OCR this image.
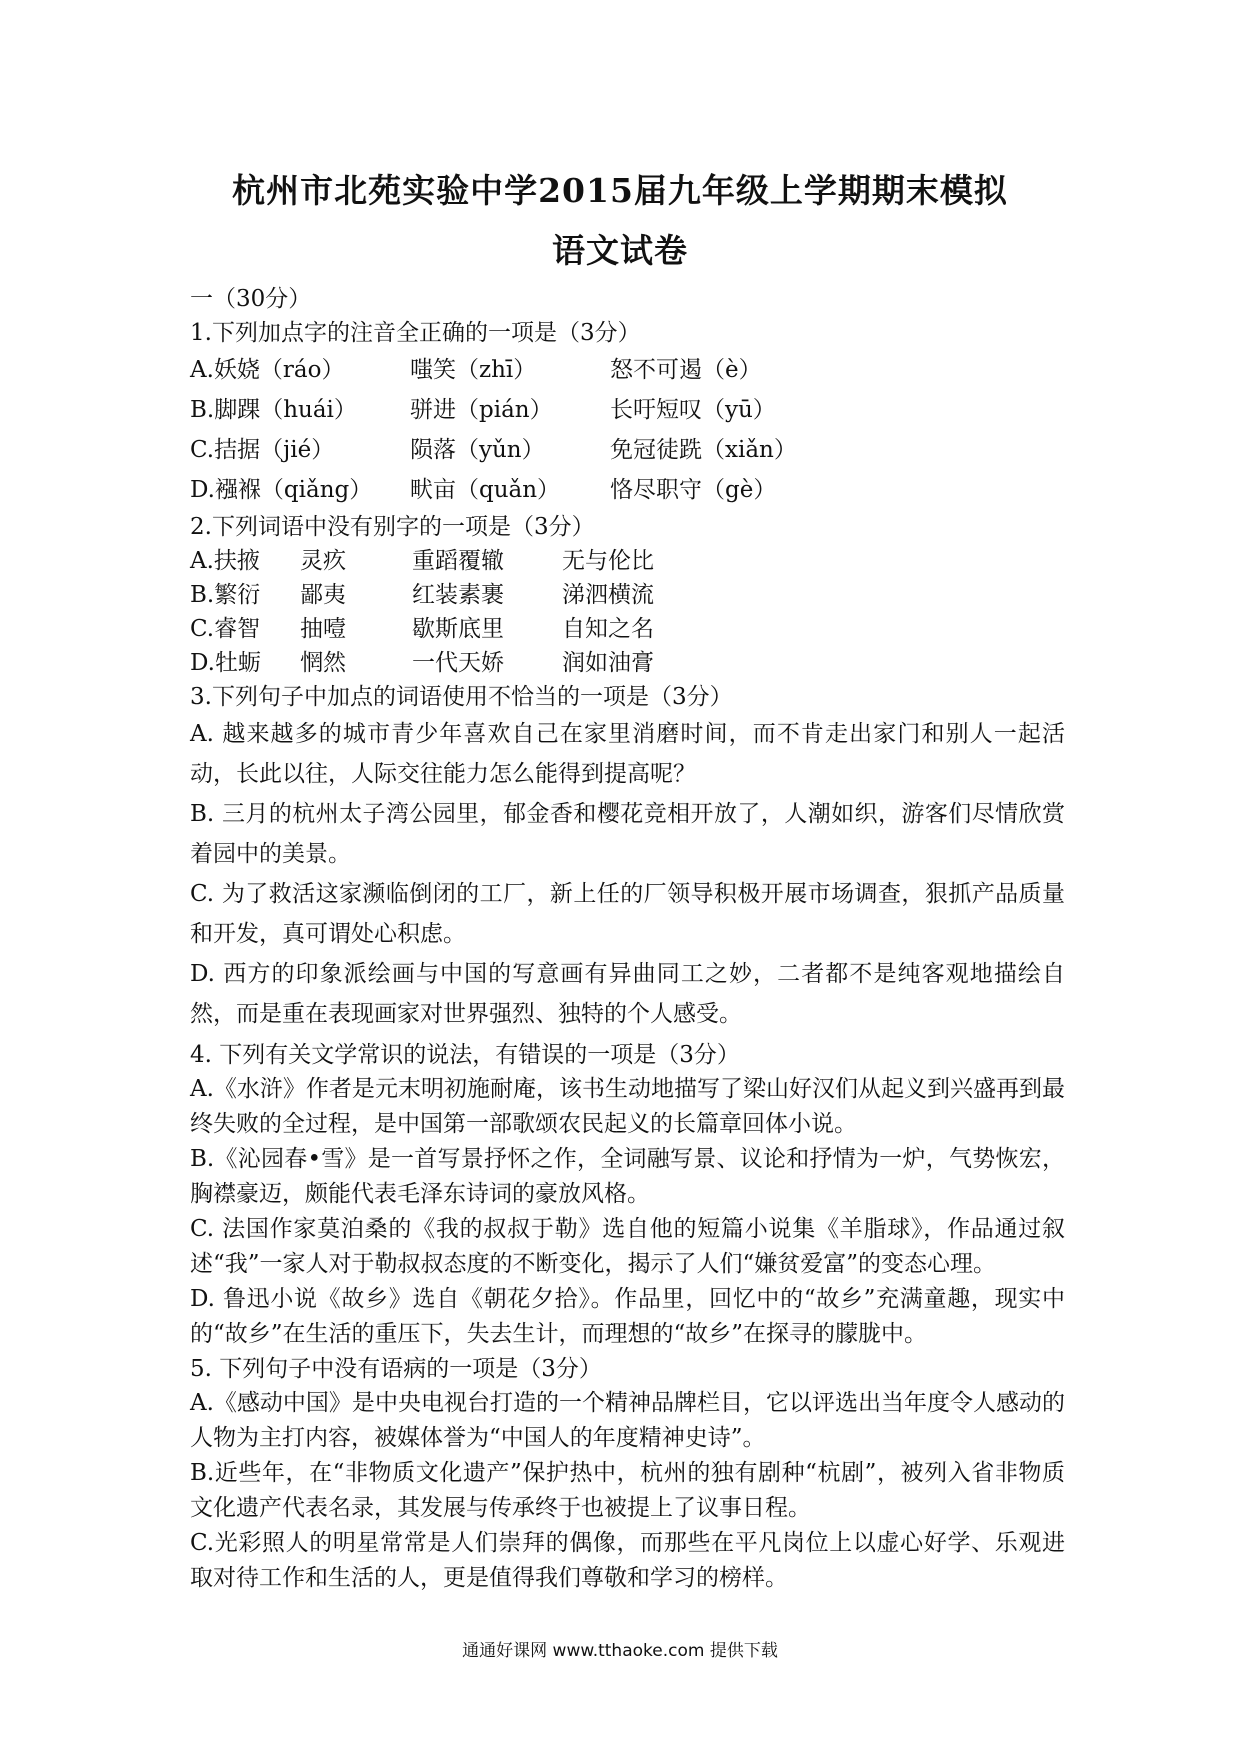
杭州市北苑实验中学2015届九年级上学期期末模拟
语文试卷
一（30分）
1.下列加点字的注音全正确的一项是（3分）
A.妖娆（ráo）	嗤笑（zhī）	怒不可遏（è）
B.脚踝（huái） 骈进（pián） 长吁短叹（yū）
C.拮据（jié）	陨落（yǔn）	免冠徒跣（xiǎn）
D.襁褓（qiǎng） 畎亩（quǎn） 恪尽职守（gè）
2.下列词语中没有别字的一项是（3分）
A.扶掖 灵疚	重蹈覆辙	无与伦比
B.繁衍 鄙夷	红装素裹	涕泗横流
C.睿智 抽噎	歇斯底里	自知之名
D.牡蛎 惘然	一代天娇	润如油膏
3.下列句子中加点的词语使用不恰当的一项是（3分）
A. 越来越多的城市青少年喜欢自己在家里消磨时间，而不肯走出家门和别人一起活动，长此以往，人际交往能力怎么能得到提高呢？
B. 三月的杭州太子湾公园里，郁金香和樱花竞相开放了，人潮如织，游客们尽情欣赏着园中的美景。
C. 为了救活这家濒临倒闭的工厂，新上任的厂领导积极开展市场调查，狠抓产品质量和开发，真可谓处心积虑。
D. 西方的印象派绘画与中国的写意画有异曲同工之妙，二者都不是纯客观地描绘自然，而是重在表现画家对世界强烈、独特的个人感受。
4. 下列有关文学常识的说法，有错误的一项是（3分）
A.《水浒》作者是元末明初施耐庵，该书生动地描写了梁山好汉们从起义到兴盛再到最终失败的全过程，是中国第一部歌颂农民起义的长篇章回体小说。
B.《沁园春•雪》是一首写景抒怀之作，全词融写景、议论和抒情为一炉，气势恢宏，胸襟豪迈，颇能代表毛泽东诗词的豪放风格。
C. 法国作家莫泊桑的《我的叔叔于勒》选自他的短篇小说集《羊脂球》，作品通过叙述“我”一家人对于勒叔叔态度的不断变化，揭示了人们“嫌贫爱富”的变态心理。
D. 鲁迅小说《故乡》选自《朝花夕拾》。作品里，回忆中的“故乡”充满童趣，现实中的“故乡”在生活的重压下，失去生计，而理想的“故乡”在探寻的朦胧中。
5. 下列句子中没有语病的一项是（3分）
A.《感动中国》是中央电视台打造的一个精神品牌栏目，它以评选出当年度令人感动的人物为主打内容，被媒体誉为“中国人的年度精神史诗”。
B.近些年，在“非物质文化遗产”保护热中，杭州的独有剧种“杭剧”，被列入省非物质文化遗产代表名录，其发展与传承终于也被提上了议事日程。
C.光彩照人的明星常常是人们崇拜的偶像，而那些在平凡岗位上以虚心好学、乐观进取对待工作和生活的人，更是值得我们尊敬和学习的榜样。
通通好课网 www.tthaoke.com 提供下载
